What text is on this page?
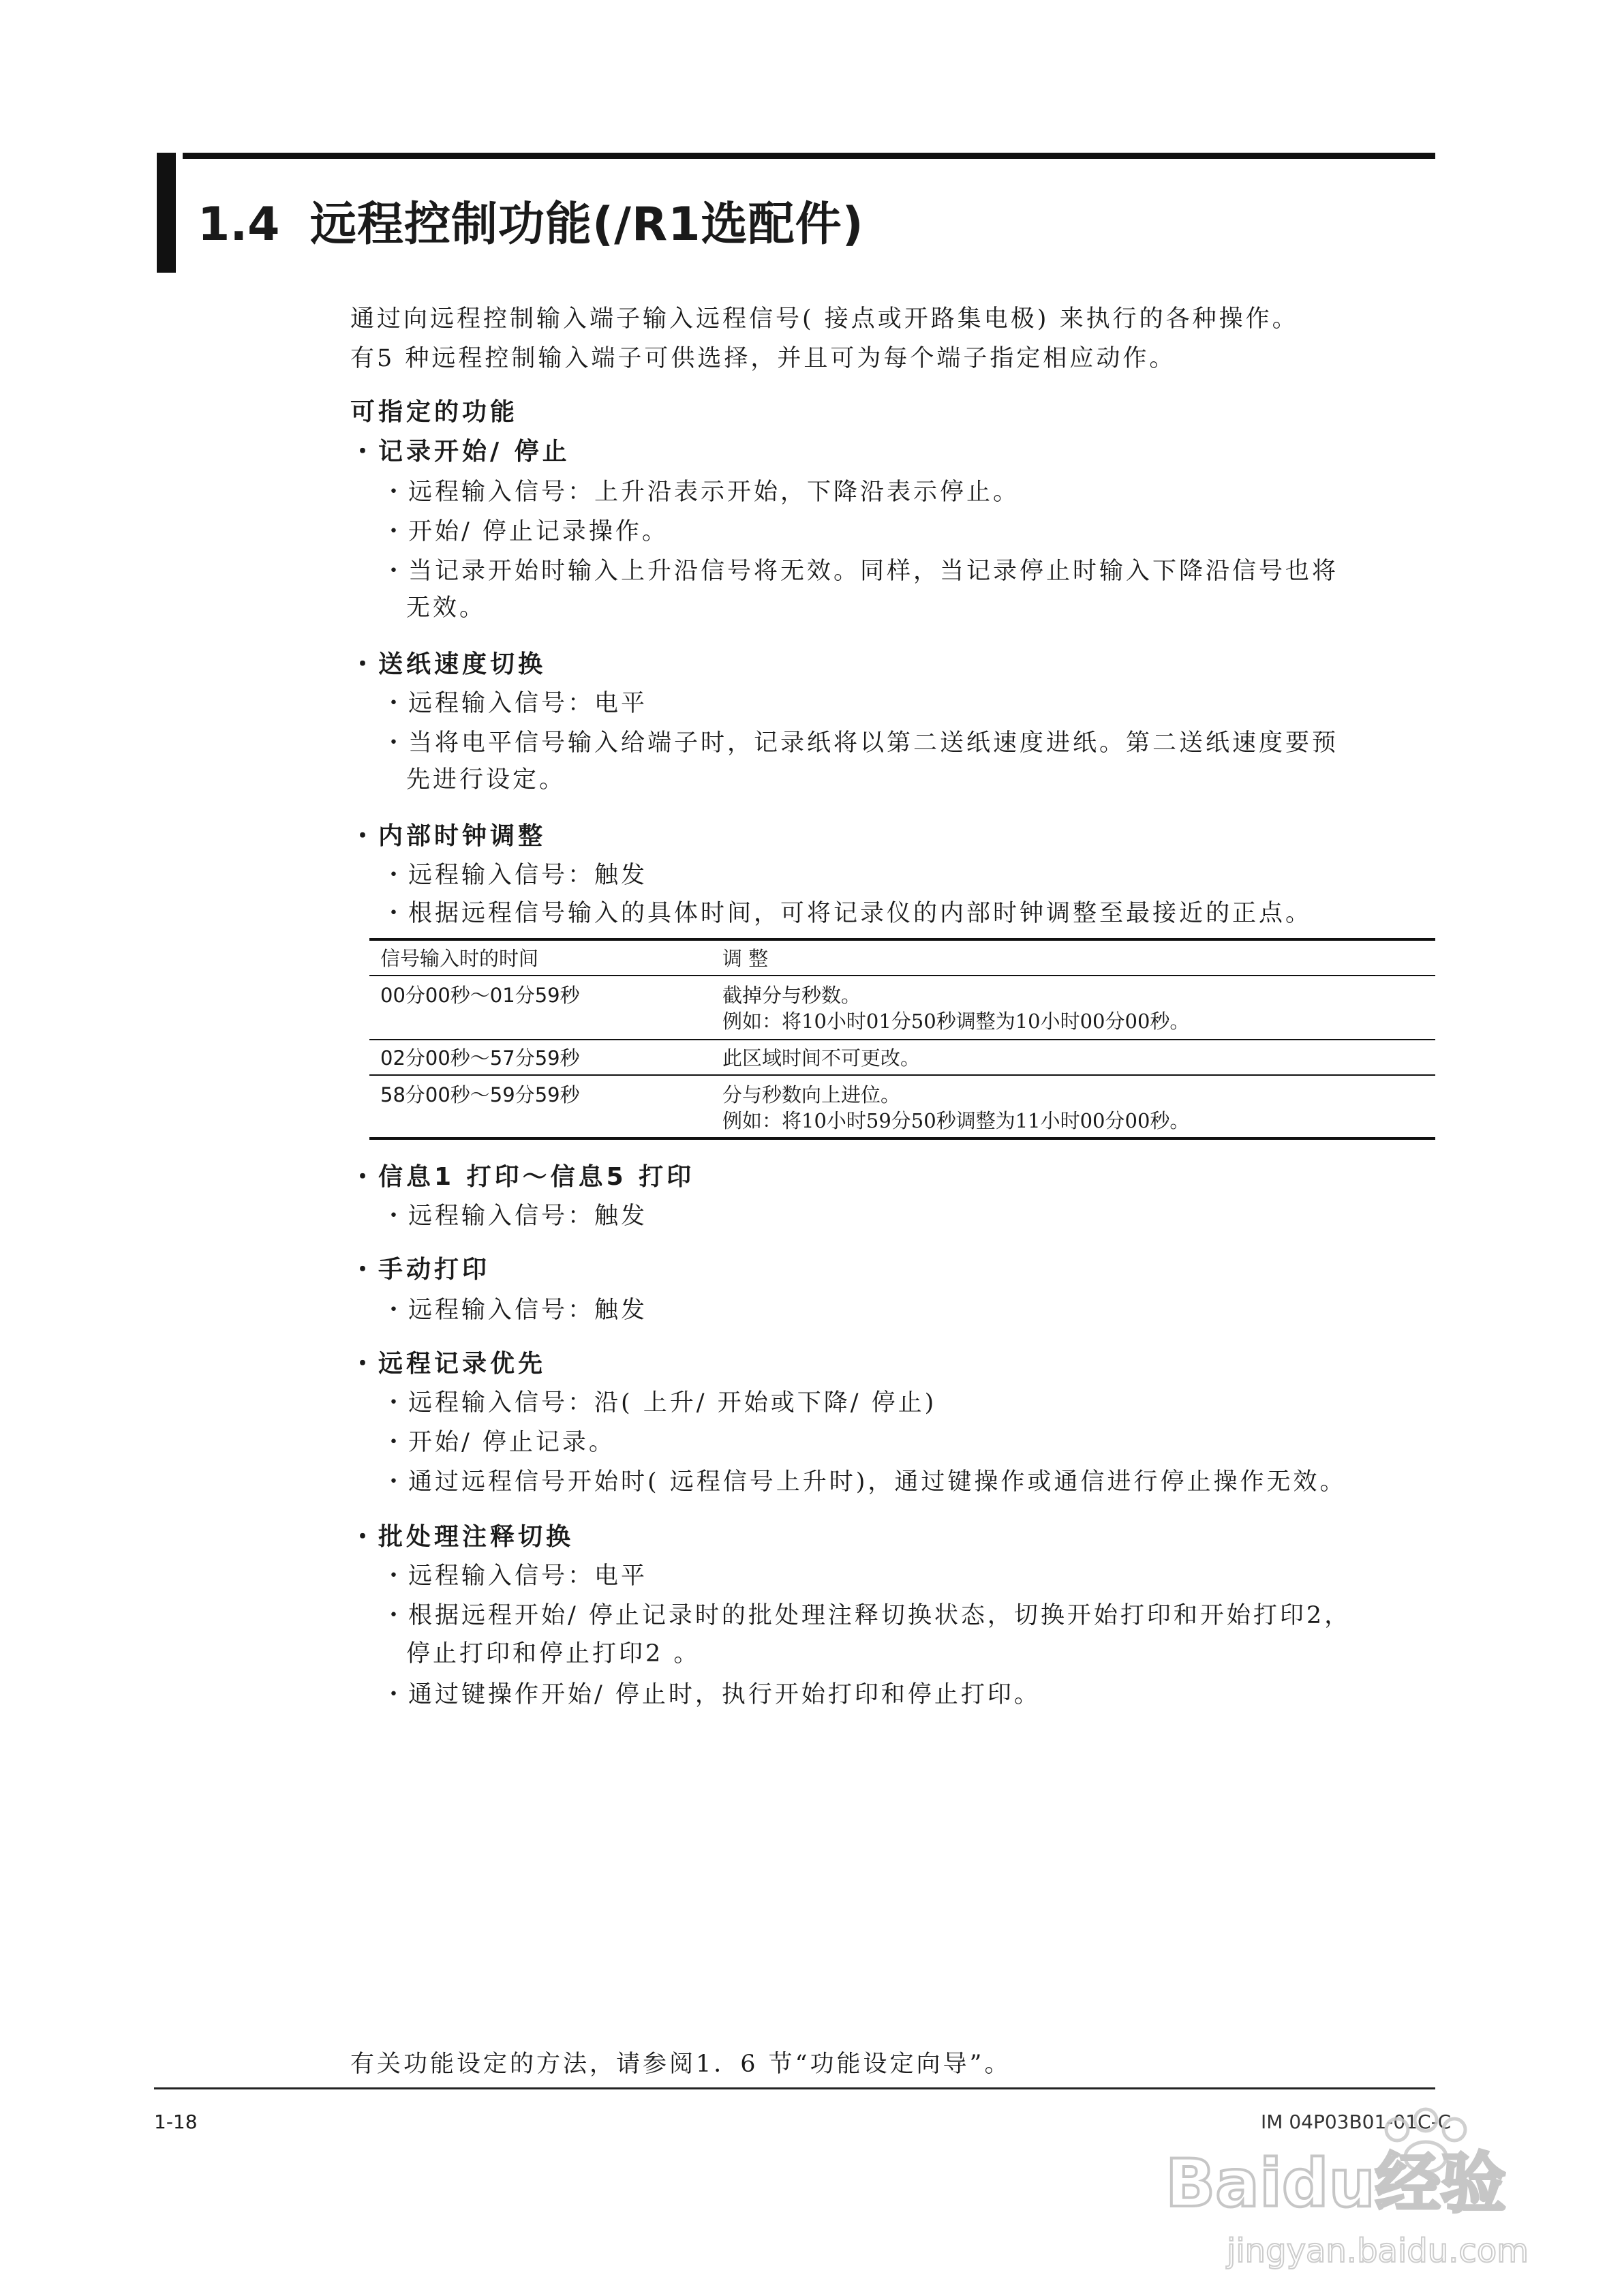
1.4 远程控制功能(/R1选配件)
通过向远程控制输入端子输入远程信号( 接点或开路集电极) 来执行的各种操作。
有5 种远程控制输入端子可供选择，并且可为每个端子指定相应动作。
可指定的功能
・记录开始/ 停止
・远程输入信号：上升沿表示开始，下降沿表示停止。
・开始/ 停止记录操作。
・当记录开始时输入上升沿信号将无效。同样，当记录停止时输入下降沿信号也将
无效。
・送纸速度切换
・远程输入信号：电平
・当将电平信号输入给端子时，记录纸将以第二送纸速度进纸。第二送纸速度要预
先进行设定。
・内部时钟调整
・远程输入信号：触发
・根据远程信号输入的具体时间，可将记录仪的内部时钟调整至最接近的正点。
信号输入时的时间	调 整
00分00秒～01分59秒	截掉分与秒数。
例如：将10小时01分50秒调整为10小时00分00秒。
02分00秒～57分59秒	此区域时间不可更改。
58分00秒～59分59秒	分与秒数向上进位。
例如：将10小时59分50秒调整为11小时00分00秒。
・信息1 打印～信息5 打印
・远程输入信号：触发
・手动打印
・远程输入信号：触发
・远程记录优先
・远程输入信号：沿( 上升/ 开始或下降/ 停止)
・开始/ 停止记录。
・通过远程信号开始时( 远程信号上升时)，通过键操作或通信进行停止操作无效。
・批处理注释切换
・远程输入信号：电平
・根据远程开始/ 停止记录时的批处理注释切换状态，切换开始打印和开始打印2，
停止打印和停止打印2 。
・通过键操作开始/ 停止时，执行开始打印和停止打印。
有关功能设定的方法，请参阅1．6 节“功能设定向导”。
1-18	IM 04P03B01-01C-C
Baidu经验
jingyan.baidu.com
